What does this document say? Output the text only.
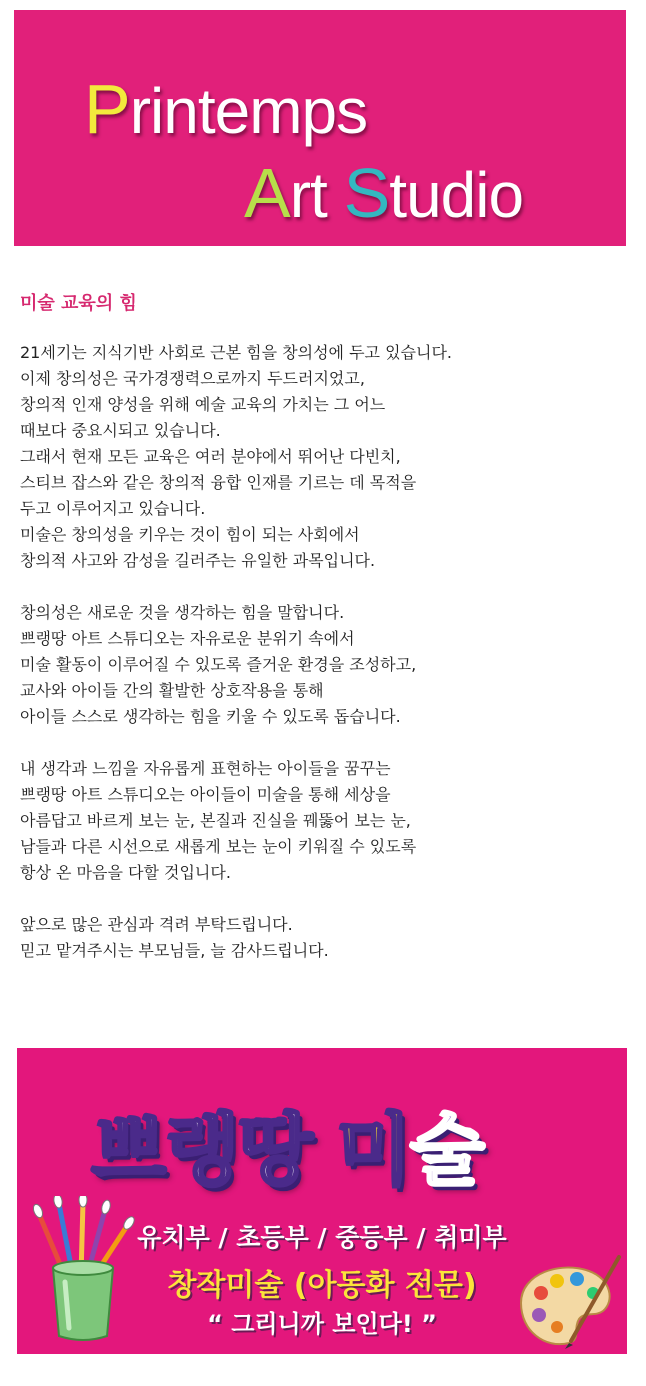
Printemps
Art Studio
미술 교육의 힘

21세기는 지식기반 사회로 근본 힘을 창의성에 두고 있습니다.

이제 창의성은 국가경쟁력으로까지 두드러지었고,

창의적 인재 양성을 위해 예술 교육의 가치는 그 어느

때보다 중요시되고 있습니다.

그래서 현재 모든 교육은 여러 분야에서 뛰어난 다빈치,

스티브 잡스와 같은 창의적 융합 인재를 기르는 데 목적을

두고 이루어지고 있습니다.

미술은 창의성을 키우는 것이 힘이 되는 사회에서

창의적 사고와 감성을 길러주는 유일한 과목입니다.

창의성은 새로운 것을 생각하는 힘을 말합니다.

쁘랭땅 아트 스튜디오는 자유로운 분위기 속에서

미술 활동이 이루어질 수 있도록 즐거운 환경을 조성하고,

교사와 아이들 간의 활발한 상호작용을 통해

아이들 스스로 생각하는 힘을 키울 수 있도록 돕습니다.

내 생각과 느낌을 자유롭게 표현하는 아이들을 꿈꾸는

쁘랭땅 아트 스튜디오는 아이들이 미술을 통해 세상을

아름답고 바르게 보는 눈, 본질과 진실을 꿰뚫어 보는 눈,

남들과 다른 시선으로 새롭게 보는 눈이 키워질 수 있도록

항상 온 마음을 다할 것입니다.

앞으로 많은 관심과 격려 부탁드립니다.

믿고 맡겨주시는 부모님들, 늘 감사드립니다.

쁘랭땅 미술
유치부 / 초등부 / 중등부 / 취미부
창작미술 (아동화 전문)
“ 그리니까 보인다! ”
